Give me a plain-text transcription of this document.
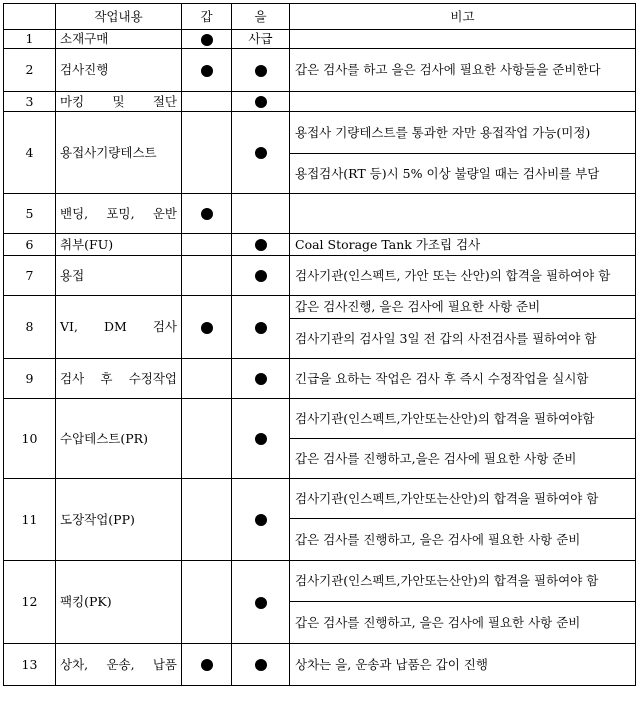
	작업내용	갑	을	비고
1	소재구매		사급	
2	검사진행			갑은 검사를 하고 을은 검사에 필요한 사항들을 준비한다
3	마킹 및 절단			
4	용접사기량테스트			용접사 기량테스트를 통과한 자만 용접작업 가능(미정)
				용접검사(RT 등)시 5% 이상 불량일 때는 검사비를 부담
5	밴딩, 포밍, 운반			
6	취부(FU)			Coal Storage Tank 가조립 검사
7	용접			검사기관(인스펙트, 가안 또는 산안)의 합격을 필하여야 함
8	VI, DM 검사			갑은 검사진행, 을은 검사에 필요한 사항 준비
				검사기관의 검사일 3일 전 갑의 사전검사를 필하여야 함
9	검사 후 수정작업			긴급을 요하는 작업은 검사 후 즉시 수정작업을 실시함
10	수압테스트(PR)			검사기관(인스펙트,가안또는산안)의 합격을 필하여야함
				갑은 검사를 진행하고,을은 검사에 필요한 사항 준비
11	도장작업(PP)			검사기관(인스펙트,가안또는산안)의 합격을 필하여야 함
				갑은 검사를 진행하고, 을은 검사에 필요한 사항 준비
12	팩킹(PK)			검사기관(인스펙트,가안또는산안)의 합격을 필하여야 함
				갑은 검사를 진행하고, 을은 검사에 필요한 사항 준비
13	상차, 운송, 납품			상차는 을, 운송과 납품은 갑이 진행
